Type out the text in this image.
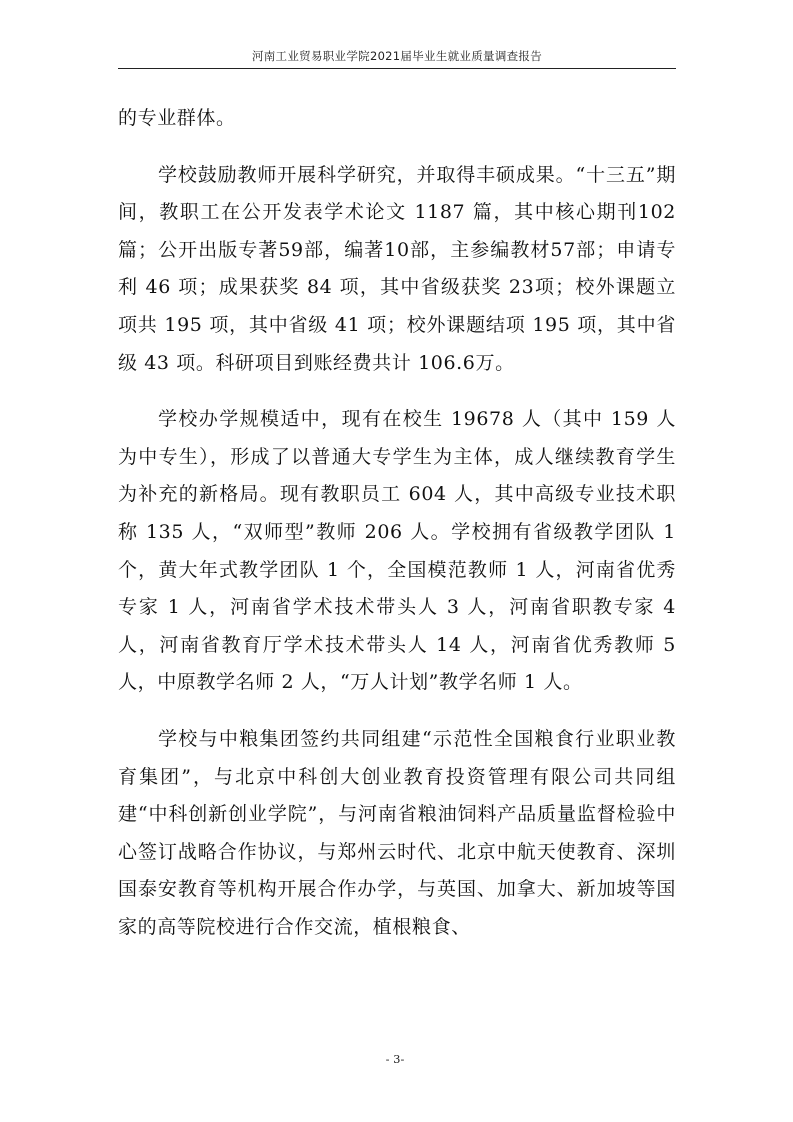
河南工业贸易职业学院2021届毕业生就业质量调查报告

的专业群体。

学校鼓励教师开展科学研究，并取得丰硕成果。“十三五”期间，教职工在公开发表学术论文 1187 篇，其中核心期刊102篇；公开出版专著59部，编著10部，主参编教材57部；申请专利 46 项；成果获奖 84 项，其中省级获奖 23项；校外课题立项共 195 项，其中省级 41 项；校外课题结项 195 项，其中省级 43 项。科研项目到账经费共计 106.6万。

学校办学规模适中，现有在校生 19678 人（其中 159 人为中专生），形成了以普通大专学生为主体，成人继续教育学生为补充的新格局。现有教职员工 604 人，其中高级专业技术职称 135 人，“双师型”教师 206 人。学校拥有省级教学团队 1 个，黄大年式教学团队 1 个，全国模范教师 1 人，河南省优秀专家 1 人，河南省学术技术带头人 3 人，河南省职教专家 4 人，河南省教育厅学术技术带头人 14 人，河南省优秀教师 5 人，中原教学名师 2 人，“万人计划”教学名师 1 人。

学校与中粮集团签约共同组建“示范性全国粮食行业职业教育集团”，与北京中科创大创业教育投资管理有限公司共同组建“中科创新创业学院”，与河南省粮油饲料产品质量监督检验中心签订战略合作协议，与郑州云时代、北京中航天使教育、深圳国泰安教育等机构开展合作办学，与英国、加拿大、新加坡等国家的高等院校进行合作交流，植根粮食、

- 3-
